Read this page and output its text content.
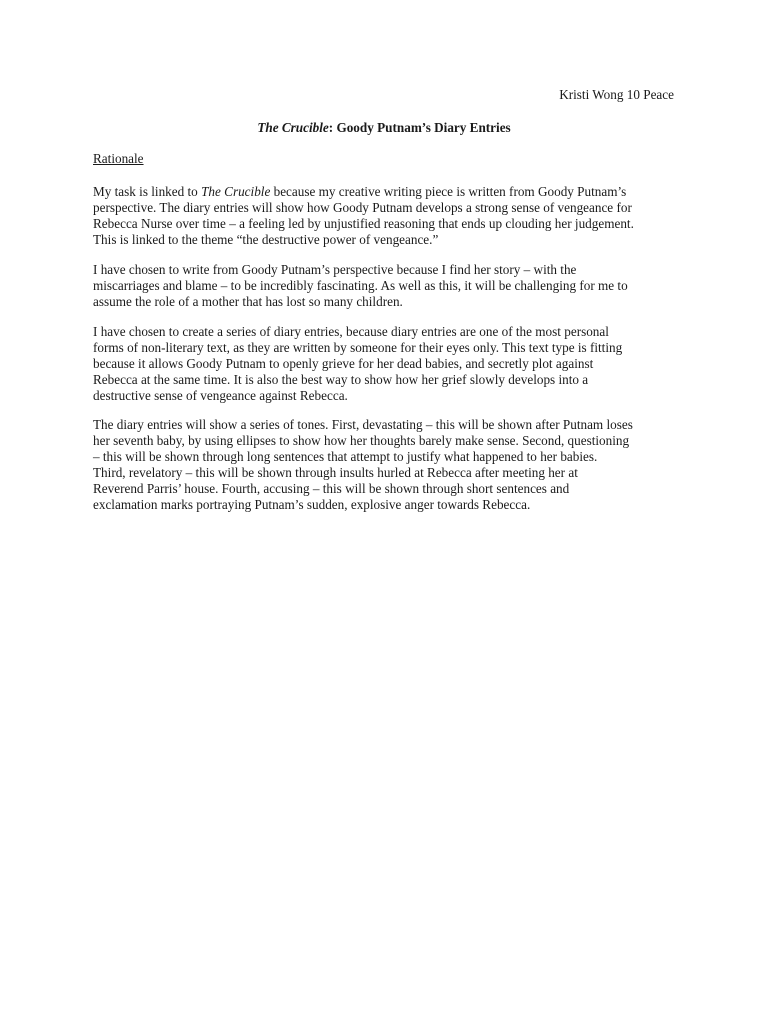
Kristi Wong 10 Peace
The Crucible: Goody Putnam’s Diary Entries
Rationale
My task is linked to The Crucible because my creative writing piece is written from Goody Putnam’s
perspective. The diary entries will show how Goody Putnam develops a strong sense of vengeance for
Rebecca Nurse over time – a feeling led by unjustified reasoning that ends up clouding her judgement.
This is linked to the theme “the destructive power of vengeance.”
I have chosen to write from Goody Putnam’s perspective because I find her story – with the
miscarriages and blame – to be incredibly fascinating. As well as this, it will be challenging for me to
assume the role of a mother that has lost so many children.
I have chosen to create a series of diary entries, because diary entries are one of the most personal
forms of non-literary text, as they are written by someone for their eyes only. This text type is fitting
because it allows Goody Putnam to openly grieve for her dead babies, and secretly plot against
Rebecca at the same time. It is also the best way to show how her grief slowly develops into a
destructive sense of vengeance against Rebecca.
The diary entries will show a series of tones. First, devastating – this will be shown after Putnam loses
her seventh baby, by using ellipses to show how her thoughts barely make sense. Second, questioning
– this will be shown through long sentences that attempt to justify what happened to her babies.
Third, revelatory – this will be shown through insults hurled at Rebecca after meeting her at
Reverend Parris’ house. Fourth, accusing – this will be shown through short sentences and
exclamation marks portraying Putnam’s sudden, explosive anger towards Rebecca.
